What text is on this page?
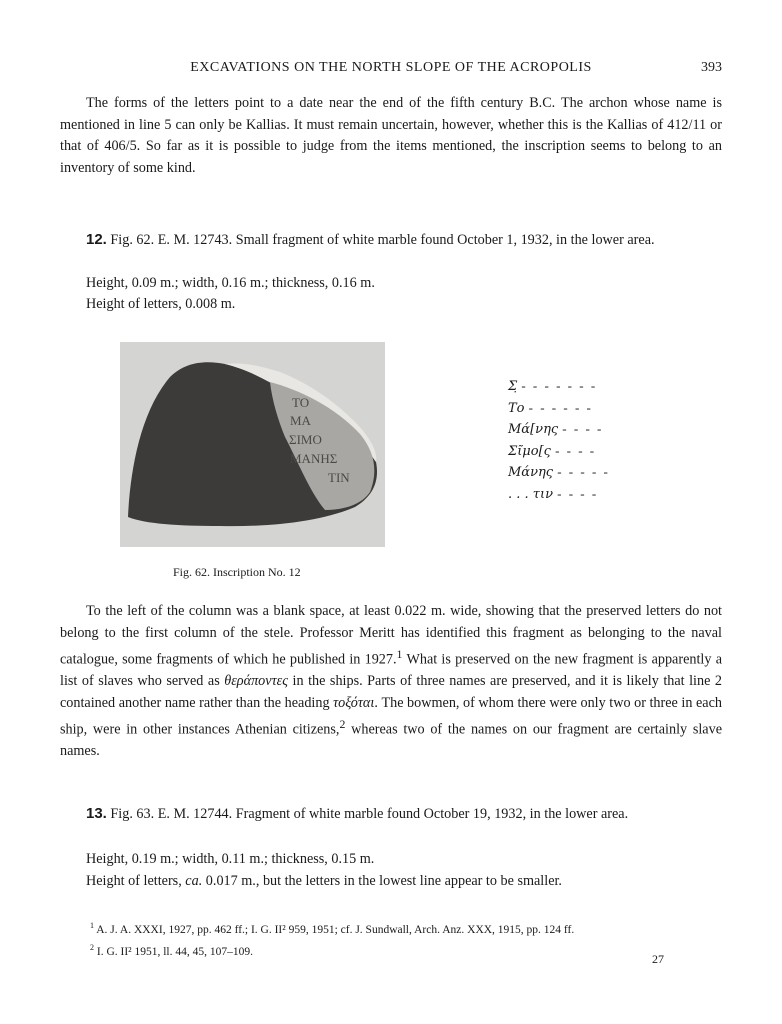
EXCAVATIONS ON THE NORTH SLOPE OF THE ACROPOLIS	393

The forms of the letters point to a date near the end of the fifth century B.C. The archon whose name is mentioned in line 5 can only be Kallias. It must remain uncertain, however, whether this is the Kallias of 412/11 or that of 406/5. So far as it is possible to judge from the items mentioned, the inscription seems to belong to an inventory of some kind.

12. Fig. 62. E. M. 12743. Small fragment of white marble found October 1, 1932, in the lower area.

Height, 0.09 m.; width, 0.16 m.; thickness, 0.16 m.
Height of letters, 0.008 m.
ΤΟ
ΜΑ
ΣΙΜΟ
ΜΑΝΗΣ
ΤΙΝ
Σ̣ - - - - - - -
Το - - - - - -
Μά[νης - - - -
Σῖμο[ς - - - -
Μάνης - - - - -
. . . τιν - - - -
Fig. 62. Inscription No. 12

To the left of the column was a blank space, at least 0.022 m. wide, showing that the preserved letters do not belong to the first column of the stele. Professor Meritt has identified this fragment as belonging to the naval catalogue, some fragments of which he published in 1927.$^1$ What is preserved on the new fragment is apparently a list of slaves who served as θεράποντες in the ships. Parts of three names are preserved, and it is likely that line 2 contained another name rather than the heading τοξόται. The bowmen, of whom there were only two or three in each ship, were in other instances Athenian citizens,$^2$ whereas two of the names on our fragment are certainly slave names.

13. Fig. 63. E. M. 12744. Fragment of white marble found October 19, 1932, in the lower area.

Height, 0.19 m.; width, 0.11 m.; thickness, 0.15 m.
Height of letters, ca. 0.017 m., but the letters in the lowest line appear to be smaller.
$^1$ A. J. A. XXXI, 1927, pp. 462 ff.; I. G. II² 959, 1951; cf. J. Sundwall, Arch. Anz. XXX, 1915, pp. 124 ff.
$^2$ I. G. II² 1951, ll. 44, 45, 107–109.
27
